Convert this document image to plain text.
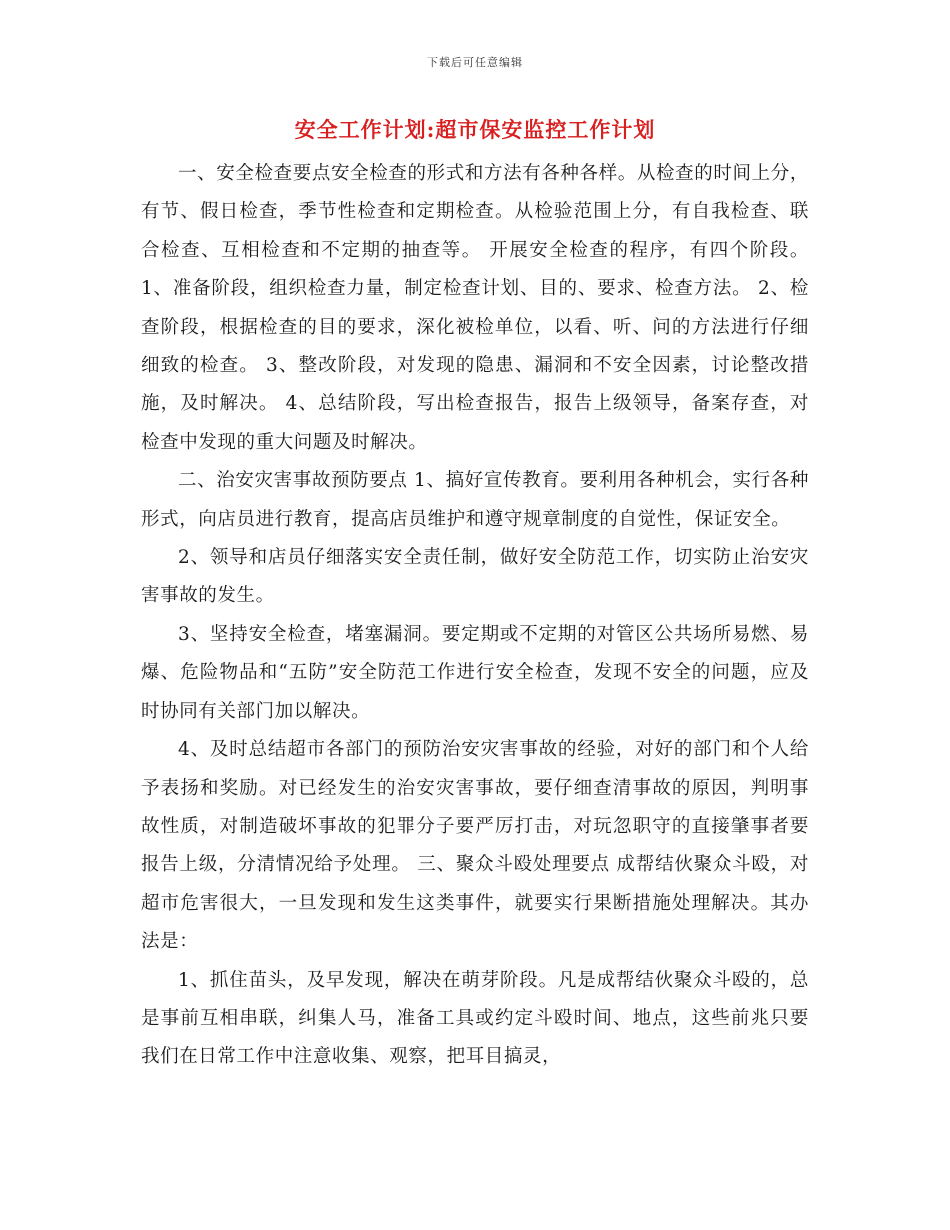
下载后可任意编辑
安全工作计划:超市保安监控工作计划

一、安全检查要点安全检查的形式和方法有各种各样。从检查的时间上分，有节、假日检查，季节性检查和定期检查。从检验范围上分，有自我检查、联合检查、互相检查和不定期的抽查等。 开展安全检查的程序，有四个阶段。 1、准备阶段，组织检查力量，制定检查计划、目的、要求、检查方法。 2、检查阶段，根据检查的目的要求，深化被检单位，以看、听、问的方法进行仔细细致的检查。 3、整改阶段，对发现的隐患、漏洞和不安全因素，讨论整改措施，及时解决。 4、总结阶段，写出检查报告，报告上级领导，备案存查，对检查中发现的重大问题及时解决。

二、治安灾害事故预防要点 1、搞好宣传教育。要利用各种机会，实行各种形式，向店员进行教育，提高店员维护和遵守规章制度的自觉性，保证安全。

2、领导和店员仔细落实安全责任制，做好安全防范工作，切实防止治安灾害事故的发生。

3、坚持安全检查，堵塞漏洞。要定期或不定期的对管区公共场所易燃、易爆、危险物品和“五防”安全防范工作进行安全检查，发现不安全的问题，应及时协同有关部门加以解决。

4、及时总结超市各部门的预防治安灾害事故的经验，对好的部门和个人给予表扬和奖励。对已经发生的治安灾害事故，要仔细查清事故的原因，判明事故性质，对制造破坏事故的犯罪分子要严厉打击，对玩忽职守的直接肇事者要报告上级，分清情况给予处理。 三、聚众斗殴处理要点 成帮结伙聚众斗殴，对超市危害很大，一旦发现和发生这类事件，就要实行果断措施处理解决。其办法是：

1、抓住苗头，及早发现，解决在萌芽阶段。凡是成帮结伙聚众斗殴的，总是事前互相串联，纠集人马，准备工具或约定斗殴时间、地点，这些前兆只要我们在日常工作中注意收集、观察，把耳目搞灵，
